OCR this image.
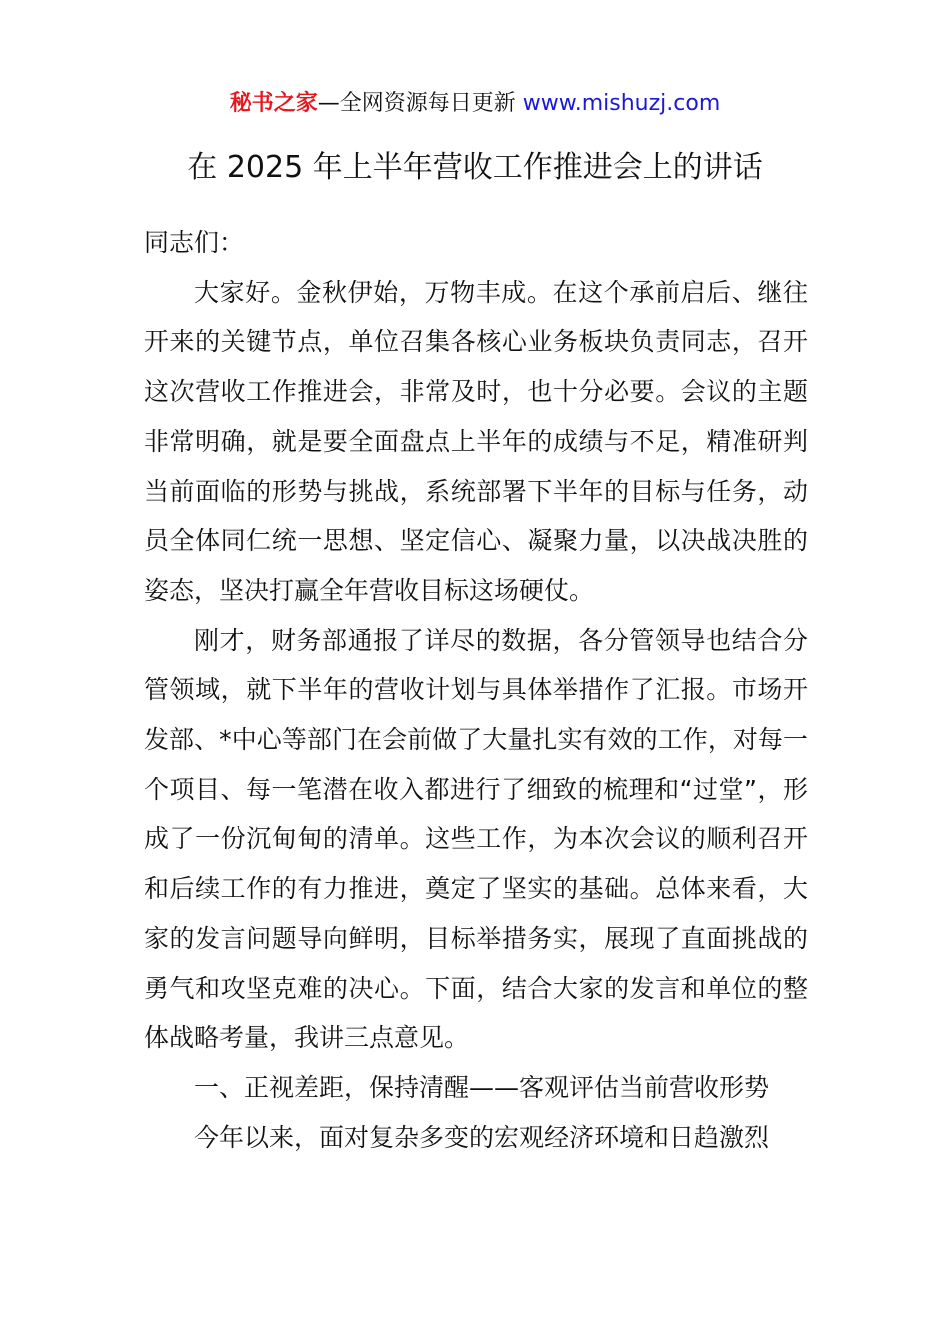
秘书之家—全网资源每日更新 www.mishuzj.com
在 2025 年上半年营收工作推进会上的讲话

同志们：

大家好。金秋伊始，万物丰成。在这个承前启后、继往开来的关键节点，单位召集各核心业务板块负责同志，召开这次营收工作推进会，非常及时，也十分必要。会议的主题非常明确，就是要全面盘点上半年的成绩与不足，精准研判当前面临的形势与挑战，系统部署下半年的目标与任务，动员全体同仁统一思想、坚定信心、凝聚力量，以决战决胜的姿态，坚决打赢全年营收目标这场硬仗。

刚才，财务部通报了详尽的数据，各分管领导也结合分管领域，就下半年的营收计划与具体举措作了汇报。市场开发部、*中心等部门在会前做了大量扎实有效的工作，对每一个项目、每一笔潜在收入都进行了细致的梳理和“过堂”，形成了一份沉甸甸的清单。这些工作，为本次会议的顺利召开和后续工作的有力推进，奠定了坚实的基础。总体来看，大家的发言问题导向鲜明，目标举措务实，展现了直面挑战的勇气和攻坚克难的决心。下面，结合大家的发言和单位的整体战略考量，我讲三点意见。

一、正视差距，保持清醒——客观评估当前营收形势

今年以来，面对复杂多变的宏观经济环境和日趋激烈
